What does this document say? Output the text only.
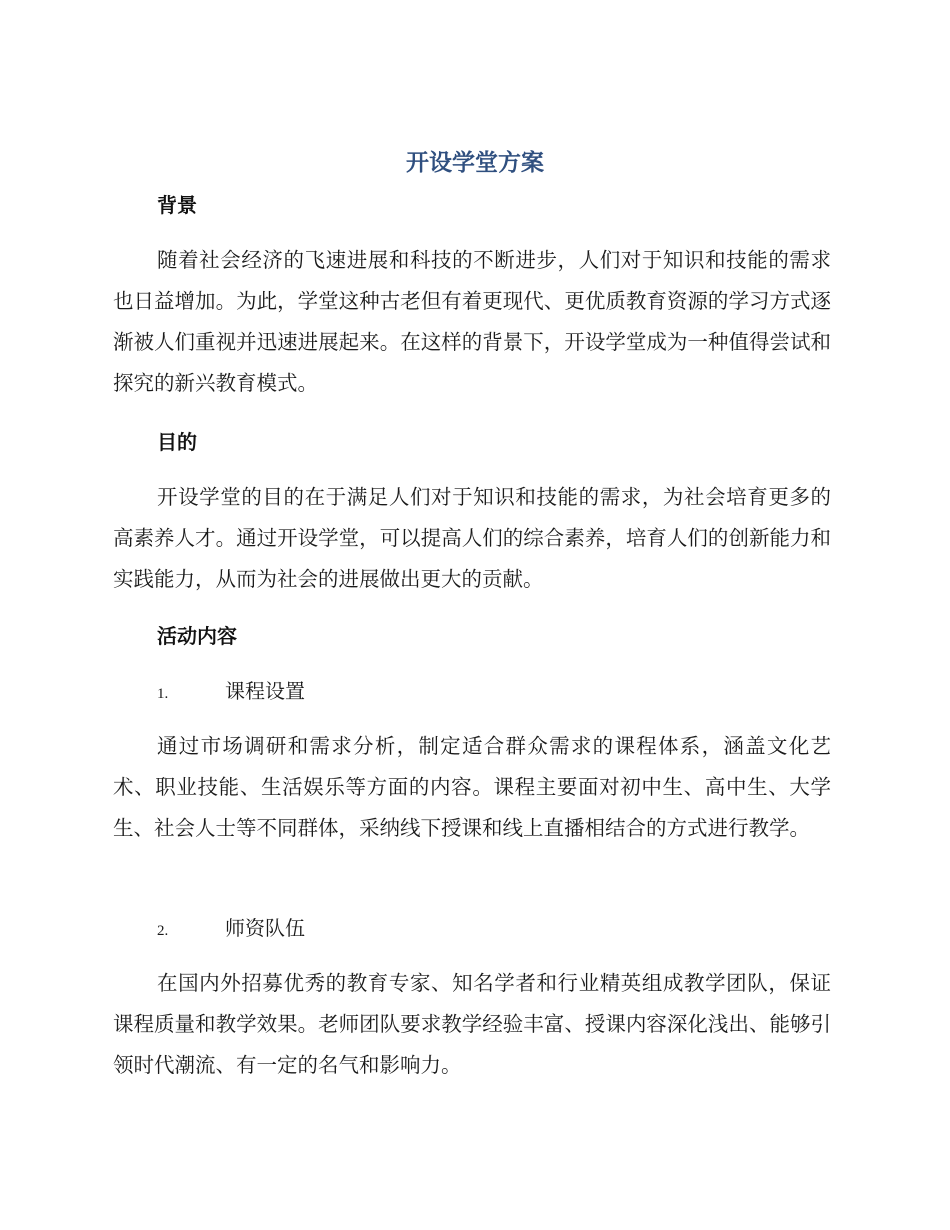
开设学堂方案
背景

随着社会经济的飞速进展和科技的不断进步，人们对于知识和技能的需求也日益增加。为此，学堂这种古老但有着更现代、更优质教育资源的学习方式逐渐被人们重视并迅速进展起来。在这样的背景下，开设学堂成为一种值得尝试和探究的新兴教育模式。

目的

开设学堂的目的在于满足人们对于知识和技能的需求，为社会培育更多的高素养人才。通过开设学堂，可以提高人们的综合素养，培育人们的创新能力和实践能力，从而为社会的进展做出更大的贡献。

活动内容
1.	课程设置

通过市场调研和需求分析，制定适合群众需求的课程体系，涵盖文化艺术、职业技能、生活娱乐等方面的内容。课程主要面对初中生、高中生、大学生、社会人士等不同群体，采纳线下授课和线上直播相结合的方式进行教学。

2.	师资队伍

在国内外招募优秀的教育专家、知名学者和行业精英组成教学团队，保证课程质量和教学效果。老师团队要求教学经验丰富、授课内容深化浅出、能够引领时代潮流、有一定的名气和影响力。
